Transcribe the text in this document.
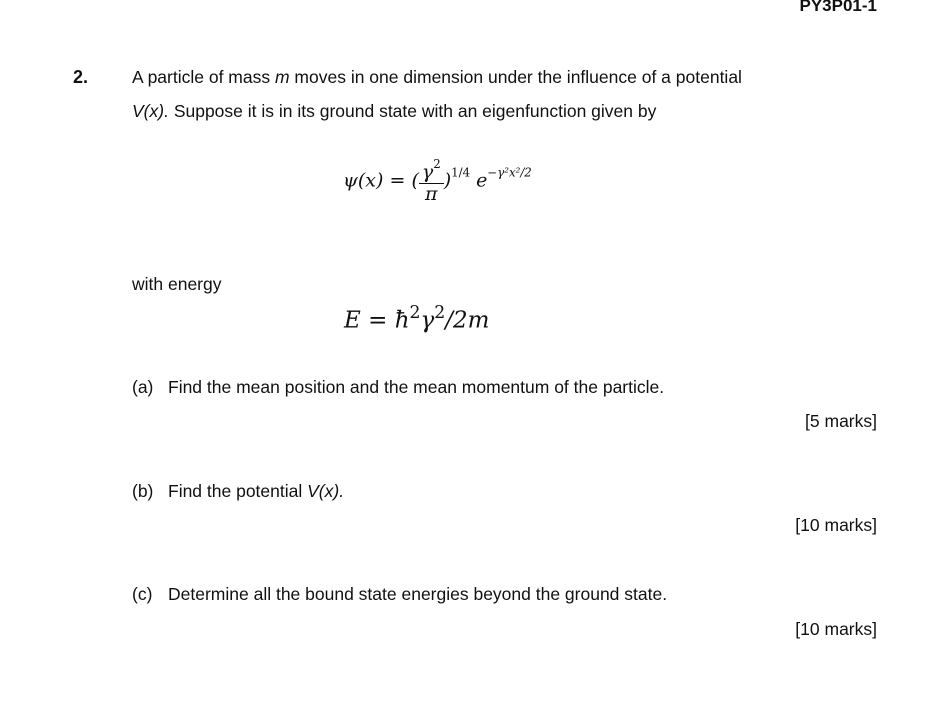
PY3P01-1
2.	A particle of mass m moves in one dimension under the influence of a potential
V(x). Suppose it is in its ground state with an eigenfunction given by
ψ(x) = ( $\frac{\gamma^2}{\pi} )^{1/4}$ $e^{-\gamma^2x^2/2}$
with energy
$E = ħ^2\gamma^2/2m$
(a) Find the mean position and the mean momentum of the particle.
[5 marks]
(b) Find the potential V(x).
[10 marks]
(c) Determine all the bound state energies beyond the ground state.
[10 marks]
